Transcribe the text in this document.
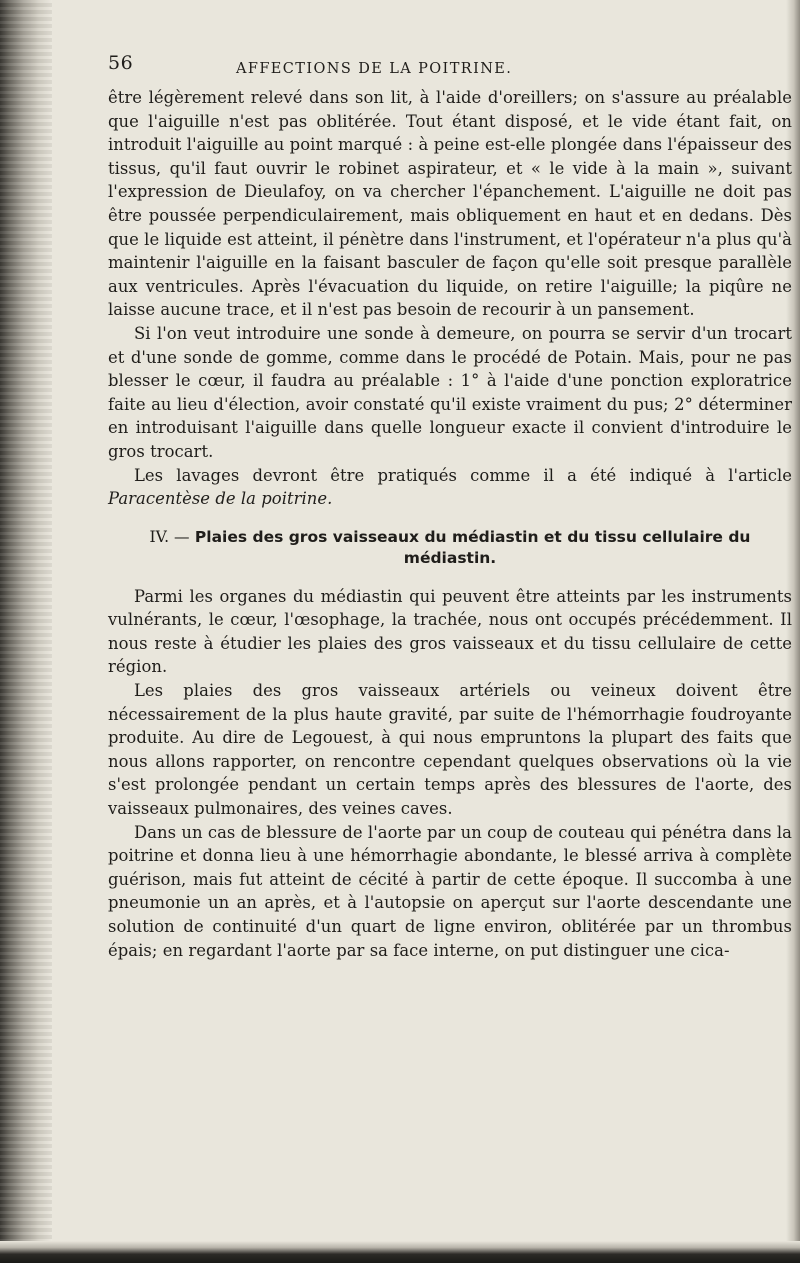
56	AFFECTIONS DE LA POITRINE.

être légèrement relevé dans son lit, à l'aide d'oreillers; on s'assure au préalable que l'aiguille n'est pas oblitérée. Tout étant disposé, et le vide étant fait, on introduit l'aiguille au point marqué : à peine est-elle plongée dans l'épaisseur des tissus, qu'il faut ouvrir le robinet aspirateur, et « le vide à la main », suivant l'expression de Dieulafoy, on va chercher l'épanchement. L'aiguille ne doit pas être poussée perpendiculairement, mais obliquement en haut et en dedans. Dès que le liquide est atteint, il pénètre dans l'instrument, et l'opérateur n'a plus qu'à maintenir l'aiguille en la faisant basculer de façon qu'elle soit presque parallèle aux ventricules. Après l'évacuation du liquide, on retire l'aiguille; la piqûre ne laisse aucune trace, et il n'est pas besoin de recourir à un pansement.

Si l'on veut introduire une sonde à demeure, on pourra se servir d'un trocart et d'une sonde de gomme, comme dans le procédé de Potain. Mais, pour ne pas blesser le cœur, il faudra au préalable : 1° à l'aide d'une ponction exploratrice faite au lieu d'élection, avoir constaté qu'il existe vraiment du pus; 2° déterminer en introduisant l'aiguille dans quelle longueur exacte il convient d'introduire le gros trocart.

Les lavages devront être pratiqués comme il a été indiqué à l'article Paracentèse de la poitrine.

IV. — Plaies des gros vaisseaux du médiastin et du tissu cellulaire du médiastin.

Parmi les organes du médiastin qui peuvent être atteints par les instruments vulnérants, le cœur, l'œsophage, la trachée, nous ont occupés précédemment. Il nous reste à étudier les plaies des gros vaisseaux et du tissu cellulaire de cette région.

Les plaies des gros vaisseaux artériels ou veineux doivent être nécessairement de la plus haute gravité, par suite de l'hémorrhagie foudroyante produite. Au dire de Legouest, à qui nous empruntons la plupart des faits que nous allons rapporter, on rencontre cependant quelques observations où la vie s'est prolongée pendant un certain temps après des blessures de l'aorte, des vaisseaux pulmonaires, des veines caves.

Dans un cas de blessure de l'aorte par un coup de couteau qui pénétra dans la poitrine et donna lieu à une hémorrhagie abondante, le blessé arriva à complète guérison, mais fut atteint de cécité à partir de cette époque. Il succomba à une pneumonie un an après, et à l'autopsie on aperçut sur l'aorte descendante une solution de continuité d'un quart de ligne environ, oblitérée par un thrombus épais; en regardant l'aorte par sa face interne, on put distinguer une cica-
